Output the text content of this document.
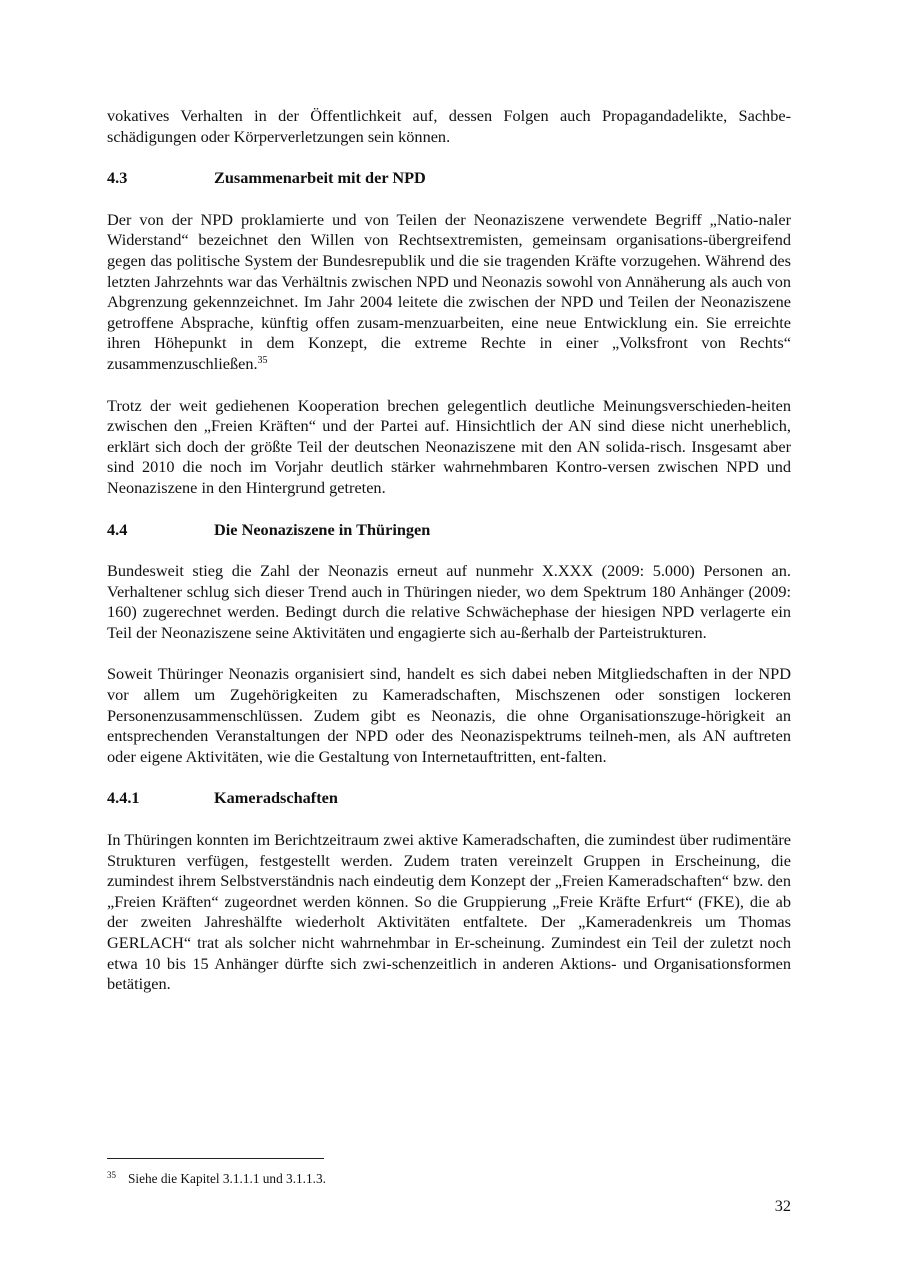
vokatives Verhalten in der Öffentlichkeit auf, dessen Folgen auch Propagandadelikte, Sachbe-
schädigungen oder Körperverletzungen sein können.

4.3	Zusammenarbeit mit der NPD

Der von der NPD proklamierte und von Teilen der Neonaziszene verwendete Begriff „Natio-naler Widerstand“ bezeichnet den Willen von Rechtsextremisten, gemeinsam organisations-übergreifend gegen das politische System der Bundesrepublik und die sie tragenden Kräfte vorzugehen. Während des letzten Jahrzehnts war das Verhältnis zwischen NPD und Neonazis sowohl von Annäherung als auch von Abgrenzung gekennzeichnet. Im Jahr 2004 leitete die zwischen der NPD und Teilen der Neonaziszene getroffene Absprache, künftig offen zusam-menzuarbeiten, eine neue Entwicklung ein. Sie erreichte ihren Höhepunkt in dem Konzept, die extreme Rechte in einer „Volksfront von Rechts“ zusammenzuschließen.$^{35}$

Trotz der weit gediehenen Kooperation brechen gelegentlich deutliche Meinungsverschieden-heiten zwischen den „Freien Kräften“ und der Partei auf. Hinsichtlich der AN sind diese nicht unerheblich, erklärt sich doch der größte Teil der deutschen Neonaziszene mit den AN solida-risch. Insgesamt aber sind 2010 die noch im Vorjahr deutlich stärker wahrnehmbaren Kontro-versen zwischen NPD und Neonaziszene in den Hintergrund getreten.

4.4	Die Neonaziszene in Thüringen

Bundesweit stieg die Zahl der Neonazis erneut auf nunmehr X.XXX (2009: 5.000) Personen an. Verhaltener schlug sich dieser Trend auch in Thüringen nieder, wo dem Spektrum 180 Anhänger (2009: 160) zugerechnet werden. Bedingt durch die relative Schwächephase der hiesigen NPD verlagerte ein Teil der Neonaziszene seine Aktivitäten und engagierte sich au-ßerhalb der Parteistrukturen.

Soweit Thüringer Neonazis organisiert sind, handelt es sich dabei neben Mitgliedschaften in der NPD vor allem um Zugehörigkeiten zu Kameradschaften, Mischszenen oder sonstigen lockeren Personenzusammenschlüssen. Zudem gibt es Neonazis, die ohne Organisationszuge-hörigkeit an entsprechenden Veranstaltungen der NPD oder des Neonazispektrums teilneh-men, als AN auftreten oder eigene Aktivitäten, wie die Gestaltung von Internetauftritten, ent-falten.

4.4.1	Kameradschaften

In Thüringen konnten im Berichtzeitraum zwei aktive Kameradschaften, die zumindest über rudimentäre Strukturen verfügen, festgestellt werden. Zudem traten vereinzelt Gruppen in Erscheinung, die zumindest ihrem Selbstverständnis nach eindeutig dem Konzept der „Freien Kameradschaften“ bzw. den „Freien Kräften“ zugeordnet werden können. So die Gruppierung „Freie Kräfte Erfurt“ (FKE), die ab der zweiten Jahreshälfte wiederholt Aktivitäten entfaltete. Der „Kameradenkreis um Thomas GERLACH“ trat als solcher nicht wahrnehmbar in Er-scheinung. Zumindest ein Teil der zuletzt noch etwa 10 bis 15 Anhänger dürfte sich zwi-schenzeitlich in anderen Aktions- und Organisationsformen betätigen.

$^{35}$ Siehe die Kapitel 3.1.1.1 und 3.1.1.3.
32
